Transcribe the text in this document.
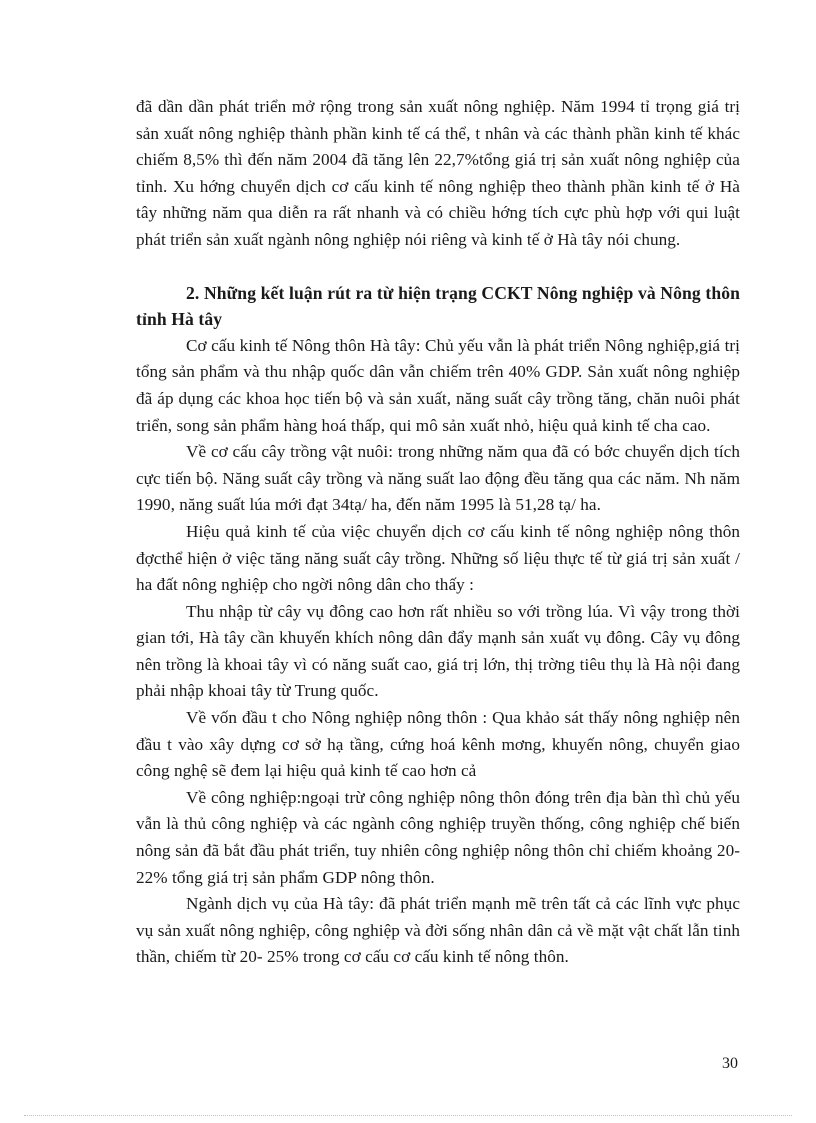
đã dần dần phát triển mở rộng trong sản xuất nông nghiệp. Năm 1994 tỉ trọng giá trị sản xuất nông nghiệp thành phần kinh tế cá thể, t nhân và các thành phần kinh tế khác chiếm 8,5% thì đến năm 2004 đã tăng lên 22,7%tổng giá trị sản xuất nông nghiệp của tỉnh. Xu hớng chuyển dịch cơ cấu kinh tế nông nghiệp theo thành phần kinh tế ở Hà tây những năm qua diễn ra rất nhanh và có chiều hớng tích cực phù hợp với qui luật phát triển sản xuất ngành nông nghiệp nói riêng và kinh tế ở Hà tây nói chung.

2. Những kết luận rút ra từ hiện trạng CCKT Nông nghiệp và Nông thôn tỉnh Hà tây

Cơ cấu kinh tế Nông thôn Hà tây: Chủ yếu vẫn là phát triển Nông nghiệp,giá trị tổng sản phẩm và thu nhập quốc dân vẫn chiếm trên 40% GDP. Sản xuất nông nghiệp đã áp dụng các khoa học tiến bộ và sản xuất, năng suất cây trồng tăng, chăn nuôi phát triển, song sản phẩm hàng hoá thấp, qui mô sản xuất nhỏ, hiệu quả kinh tế cha cao.

Về cơ cấu cây trồng vật nuôi: trong những năm qua đã có bớc chuyển dịch tích cực tiến bộ. Năng suất cây trồng và năng suất lao động đều tăng qua các năm. Nh năm 1990, năng suất lúa mới đạt 34tạ/ ha, đến năm 1995 là 51,28 tạ/ ha.

Hiệu quả kinh tế của việc chuyển dịch cơ cấu kinh tế nông nghiệp nông thôn đợcthể hiện ở việc tăng năng suất cây trồng. Những số liệu thực tế từ giá trị sản xuất / ha đất nông nghiệp cho ngời nông dân cho thấy :

Thu nhập từ cây vụ đông cao hơn rất nhiều so với trồng lúa. Vì vậy trong thời gian tới, Hà tây cần khuyến khích nông dân đẩy mạnh sản xuất vụ đông. Cây vụ đông nên trồng là khoai tây vì có năng suất cao, giá trị lớn, thị trờng tiêu thụ là Hà nội đang phải nhập khoai tây từ Trung quốc.

Về vốn đầu t cho Nông nghiệp nông thôn : Qua khảo sát thấy nông nghiệp nên đầu t vào xây dựng cơ sở hạ tầng, cứng hoá kênh mơng, khuyến nông, chuyển giao công nghệ sẽ đem lại hiệu quả kinh tế cao hơn cả

Về công nghiệp:ngoại trừ công nghiệp nông thôn đóng trên địa bàn thì chủ yếu vẫn là thủ công nghiệp và các ngành công nghiệp truyền thống, công nghiệp chế biến nông sản đã bắt đầu phát triển, tuy nhiên công nghiệp nông thôn chỉ chiếm khoảng 20- 22% tổng giá trị sản phẩm GDP nông thôn.

Ngành dịch vụ của Hà tây: đã phát triển mạnh mẽ trên tất cả các lĩnh vực phục vụ sản xuất nông nghiệp, công nghiệp và đời sống nhân dân cả về mặt vật chất lẫn tinh thần, chiếm từ 20- 25% trong cơ cấu cơ cấu kinh tế nông thôn.

30
